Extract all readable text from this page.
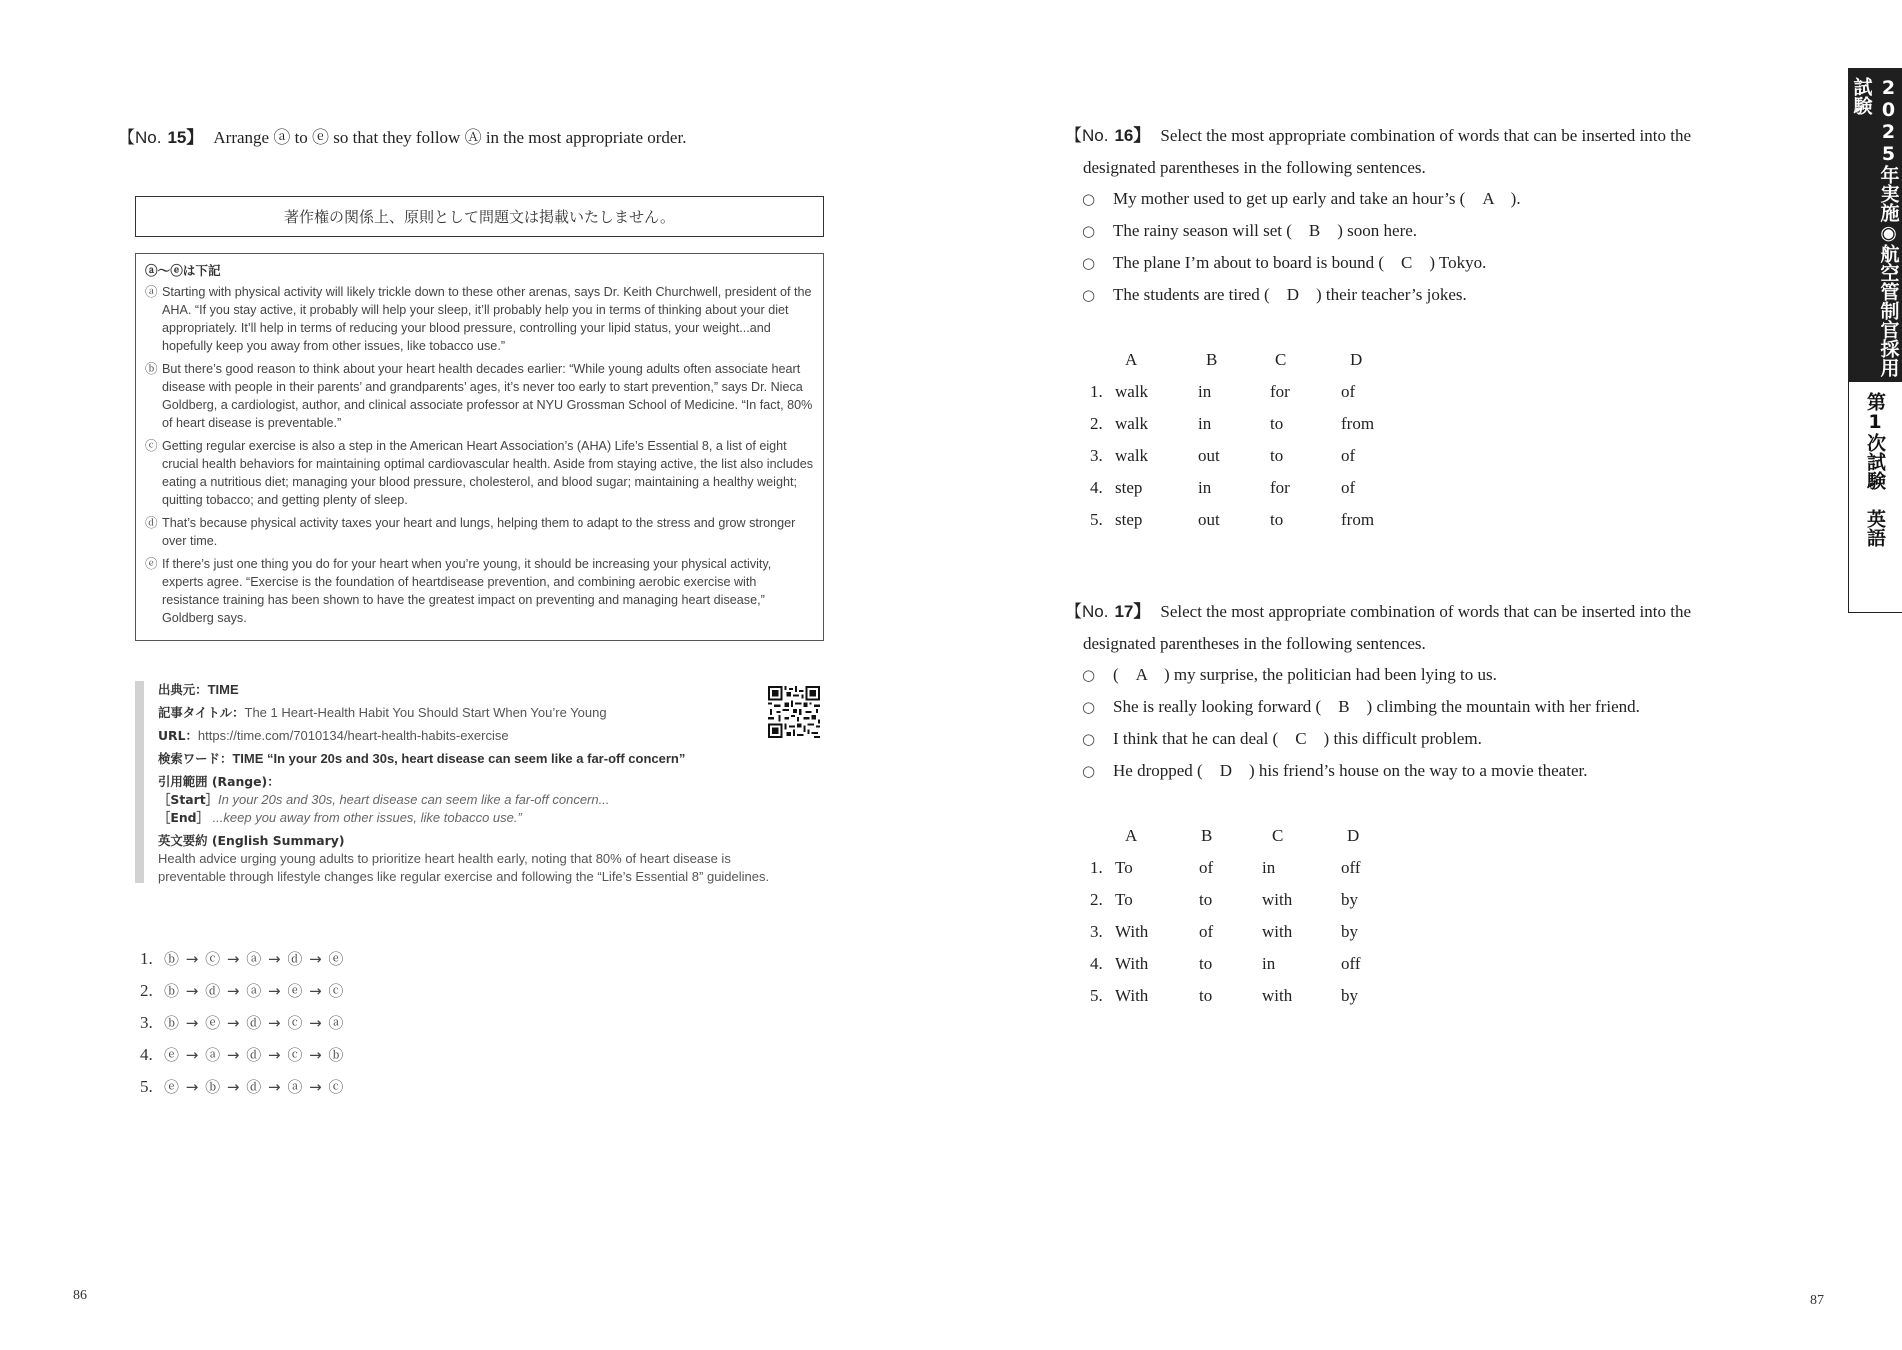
【No. 15】 Arrange ⓐ to ⓔ so that they follow Ⓐ in the most appropriate order.
著作権の関係上、原則として問題文は掲載いたしません。
ⓐ〜ⓔは下記
ⓐ Starting with physical activity will likely trickle down to these other arenas, says Dr. Keith Churchwell, president of the AHA. “If you stay active, it probably will help your sleep, it’ll probably help you in terms of thinking about your diet appropriately. It’ll help in terms of reducing your blood pressure, controlling your lipid status, your weight...and hopefully keep you away from other issues, like tobacco use.”
ⓑ But there’s good reason to think about your heart health decades earlier: “While young adults often associate heart disease with people in their parents’ and grandparents’ ages, it’s never too early to start prevention,” says Dr. Nieca Goldberg, a cardiologist, author, and clinical associate professor at NYU Grossman School of Medicine. “In fact, 80% of heart disease is preventable.”
ⓒ Getting regular exercise is also a step in the American Heart Association’s (AHA) Life’s Essential 8, a list of eight crucial health behaviors for maintaining optimal cardiovascular health. Aside from staying active, the list also includes eating a nutritious diet; managing your blood pressure, cholesterol, and blood sugar; maintaining a healthy weight; quitting tobacco; and getting plenty of sleep.
ⓓ That’s because physical activity taxes your heart and lungs, helping them to adapt to the stress and grow stronger over time.
ⓔ If there’s just one thing you do for your heart when you’re young, it should be increasing your physical activity, experts agree. “Exercise is the foundation of heartdisease prevention, and combining aerobic exercise with resistance training has been shown to have the greatest impact on preventing and managing heart disease,” Goldberg says.
出典元：TIME
記事タイトル：The 1 Heart-Health Habit You Should Start When You’re Young
URL：https://time.com/7010134/heart-health-habits-exercise
検索ワード：TIME “In your 20s and 30s, heart disease can seem like a far-off concern”
引用範囲 (Range)：
［Start］In your 20s and 30s, heart disease can seem like a far-off concern...
［End］ ...keep you away from other issues, like tobacco use.”
英文要約 (English Summary)
Health advice urging young adults to prioritize heart health early, noting that 80% of heart disease is
preventable through lifestyle changes like regular exercise and following the “Life’s Essential 8” guidelines.
1. ⓑ → ⓒ → ⓐ → ⓓ → ⓔ
2. ⓑ → ⓓ → ⓐ → ⓔ → ⓒ
3. ⓑ → ⓔ → ⓓ → ⓒ → ⓐ
4. ⓔ → ⓐ → ⓓ → ⓒ → ⓑ
5. ⓔ → ⓑ → ⓓ → ⓐ → ⓒ
86
【No. 16】 Select the most appropriate combination of words that can be inserted into the
designated parentheses in the following sentences.
○ My mother used to get up early and take an hour’s (　A　).
○ The rainy season will set (　B　) soon here.
○ The plane I’m about to board is bound (　C　) Tokyo.
○ The students are tired (　D　) their teacher’s jokes.
A	B	C	D
1. walk	in	for	of
2. walk	in	to	from
3. walk	out	to	of
4. step	in	for	of
5. step	out	to	from
【No. 17】 Select the most appropriate combination of words that can be inserted into the
designated parentheses in the following sentences.
○ (　A　) my surprise, the politician had been lying to us.
○ She is really looking forward (　B　) climbing the mountain with her friend.
○ I think that he can deal (　C　) this difficult problem.
○ He dropped (　D　) his friend’s house on the way to a movie theater.
A	B	C	D
1. To	of	in	off
2. To	to	with	by
3. With	of	with	by
4. With	to	in	off
5. With	to	with	by
87
2025年実施◉航空管制官採用試験
第1次試験　英語
